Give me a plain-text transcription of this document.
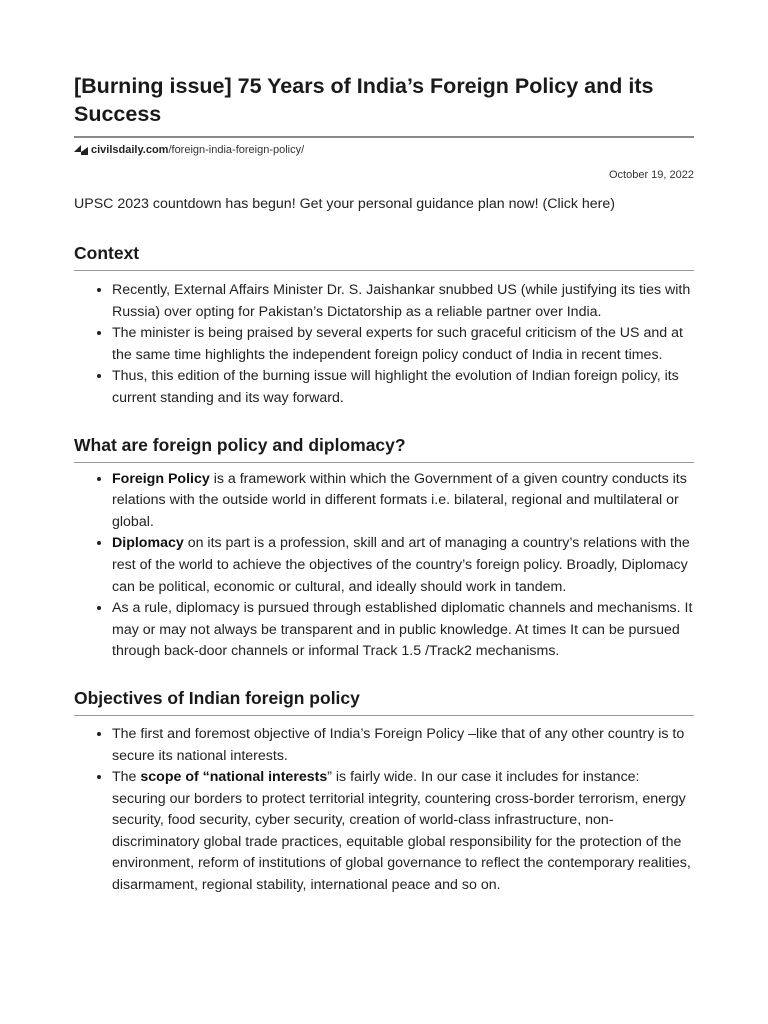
[Burning issue] 75 Years of India’s Foreign Policy and its Success
civilsdaily.com /foreign-india-foreign-policy/
October 19, 2022
UPSC 2023 countdown has begun! Get your personal guidance plan now! (Click here)
Context
• Recently, External Affairs Minister Dr. S. Jaishankar snubbed US (while justifying its ties with Russia) over opting for Pakistan’s Dictatorship as a reliable partner over India.
• The minister is being praised by several experts for such graceful criticism of the US and at the same time highlights the independent foreign policy conduct of India in recent times.
• Thus, this edition of the burning issue will highlight the evolution of Indian foreign policy, its current standing and its way forward.
What are foreign policy and diplomacy?
• Foreign Policy is a framework within which the Government of a given country conducts its relations with the outside world in different formats i.e. bilateral, regional and multilateral or global.
• Diplomacy on its part is a profession, skill and art of managing a country’s relations with the rest of the world to achieve the objectives of the country’s foreign policy. Broadly, Diplomacy can be political, economic or cultural, and ideally should work in tandem.
• As a rule, diplomacy is pursued through established diplomatic channels and mechanisms. It may or may not always be transparent and in public knowledge. At times It can be pursued through back-door channels or informal Track 1.5 /Track2 mechanisms.
Objectives of Indian foreign policy
• The first and foremost objective of India’s Foreign Policy –like that of any other country is to secure its national interests.
• The scope of “national interests” is fairly wide. In our case it includes for instance: securing our borders to protect territorial integrity, countering cross-border terrorism, energy security, food security, cyber security, creation of world-class infrastructure, non-discriminatory global trade practices, equitable global responsibility for the protection of the environment, reform of institutions of global governance to reflect the contemporary realities, disarmament, regional stability, international peace and so on.
